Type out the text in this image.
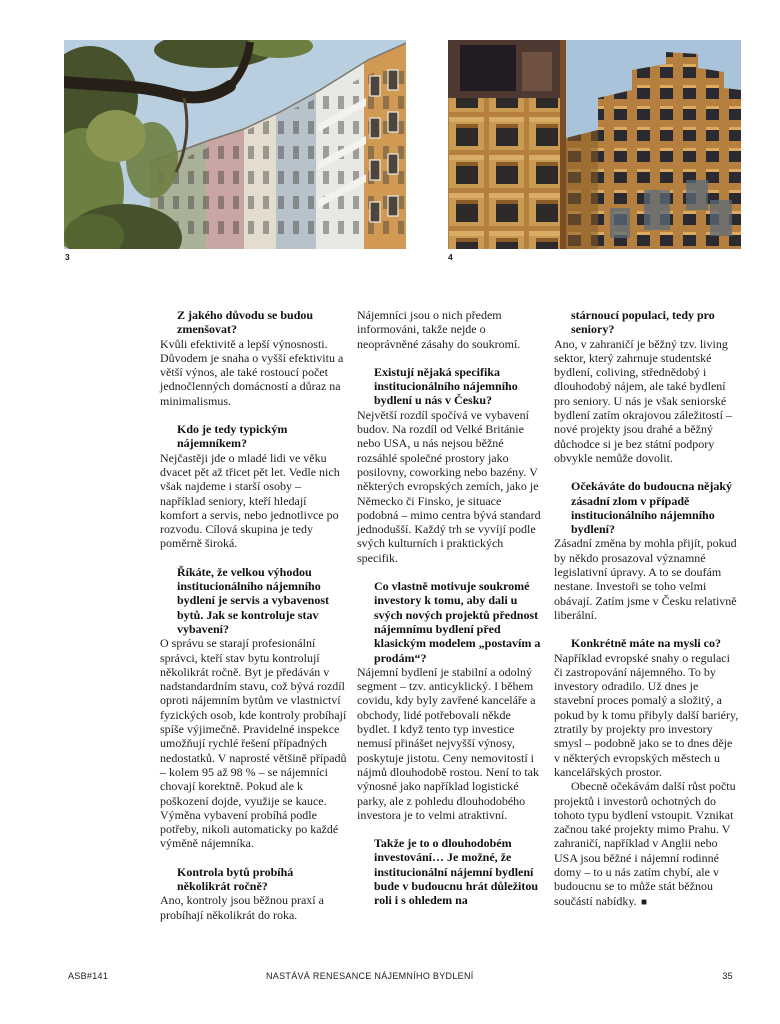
3	4

Z jakého důvodu se budou zmenšovat?

Kvůli efektivitě a lepší výnosnosti. Důvodem je snaha o vyšší efektivitu a větší výnos, ale také rostoucí počet jednočlenných domácností a důraz na minimalismus.

Kdo je tedy typickým nájemníkem?

Nejčastěji jde o mladé lidi ve věku dvacet pět až třicet pět let. Vedle nich však najdeme i starší osoby – například seniory, kteří hledají komfort a servis, nebo jednotlivce po rozvodu. Cílová skupina je tedy poměrně široká.

Říkáte, že velkou výhodou institucionálního nájemního bydlení je servis a vybavenost bytů. Jak se kontroluje stav vybavení?

O správu se starají profesionální správci, kteří stav bytu kontrolují několikrát ročně. Byt je předáván v nadstandardním stavu, což bývá rozdíl oproti nájemním bytům ve vlastnictví fyzických osob, kde kontroly probíhají spíše výjimečně. Pravidelné inspekce umožňují rychlé řešení případných nedostatků. V naprosté většině případů – kolem 95 až 98 % – se nájemníci chovají korektně. Pokud ale k poškození dojde, využije se kauce. Výměna vybavení probíhá podle potřeby, nikoli automaticky po každé výměně nájemníka.

Kontrola bytů probíhá několikrát ročně?

Ano, kontroly jsou běžnou praxí a probíhají několikrát do roka.

Nájemníci jsou o nich předem informováni, takže nejde o neoprávněné zásahy do soukromí.

Existují nějaká specifika institucionálního nájemního bydlení u nás v Česku?

Největší rozdíl spočívá ve vybavení budov. Na rozdíl od Velké Británie nebo USA, u nás nejsou běžné rozsáhlé společné prostory jako posilovny, coworking nebo bazény. V některých evropských zemích, jako je Německo či Finsko, je situace podobná – mimo centra bývá standard jednodušší. Každý trh se vyvíjí podle svých kulturních i praktických specifik.

Co vlastně motivuje soukromé investory k tomu, aby dali u svých nových projektů přednost nájemnímu bydlení před klasickým modelem „postavím a prodám“?

Nájemní bydlení je stabilní a odolný segment – tzv. anticyklický. I během covidu, kdy byly zavřené kanceláře a obchody, lidé potřebovali někde bydlet. I když tento typ investice nemusí přinášet nejvyšší výnosy, poskytuje jistotu. Ceny nemovitostí i nájmů dlouhodobě rostou. Není to tak výnosné jako například logistické parky, ale z pohledu dlouhodobého investora je to velmi atraktivní.

Takže je to o dlouhodobém investování… Je možné, že institucionální nájemní bydlení bude v budoucnu hrát důležitou roli i s ohledem na

stárnoucí populaci, tedy pro seniory?

Ano, v zahraničí je běžný tzv. living sektor, který zahrnuje studentské bydlení, coliving, střednědobý i dlouhodobý nájem, ale také bydlení pro seniory. U nás je však seniorské bydlení zatím okrajovou záležitostí – nové projekty jsou drahé a běžný důchodce si je bez státní podpory obvykle nemůže dovolit.

Očekáváte do budoucna nějaký zásadní zlom v případě institucionálního nájemního bydlení?

Zásadní změna by mohla přijít, pokud by někdo prosazoval významné legislativní úpravy. A to se doufám nestane. Investoři se toho velmi obávají. Zatím jsme v Česku relativně liberální.

Konkrétně máte na mysli co?

Například evropské snahy o regulaci či zastropování nájemného. To by investory odradilo. Už dnes je stavební proces pomalý a složitý, a pokud by k tomu přibyly další bariéry, ztratily by projekty pro investory smysl – podobně jako se to dnes děje v některých evropských městech u kancelářských prostor.

Obecně očekávám další růst počtu projektů i investorů ochotných do tohoto typu bydlení vstoupit. Vznikat začnou také projekty mimo Prahu. V zahraničí, například v Anglii nebo USA jsou běžné i nájemní rodinné domy – to u nás zatím chybí, ale v budoucnu se to může stát běžnou součástí nabídky. ■

ASB#141	NASTÁVÁ RENESANCE NÁJEMNÍHO BYDLENÍ	35
